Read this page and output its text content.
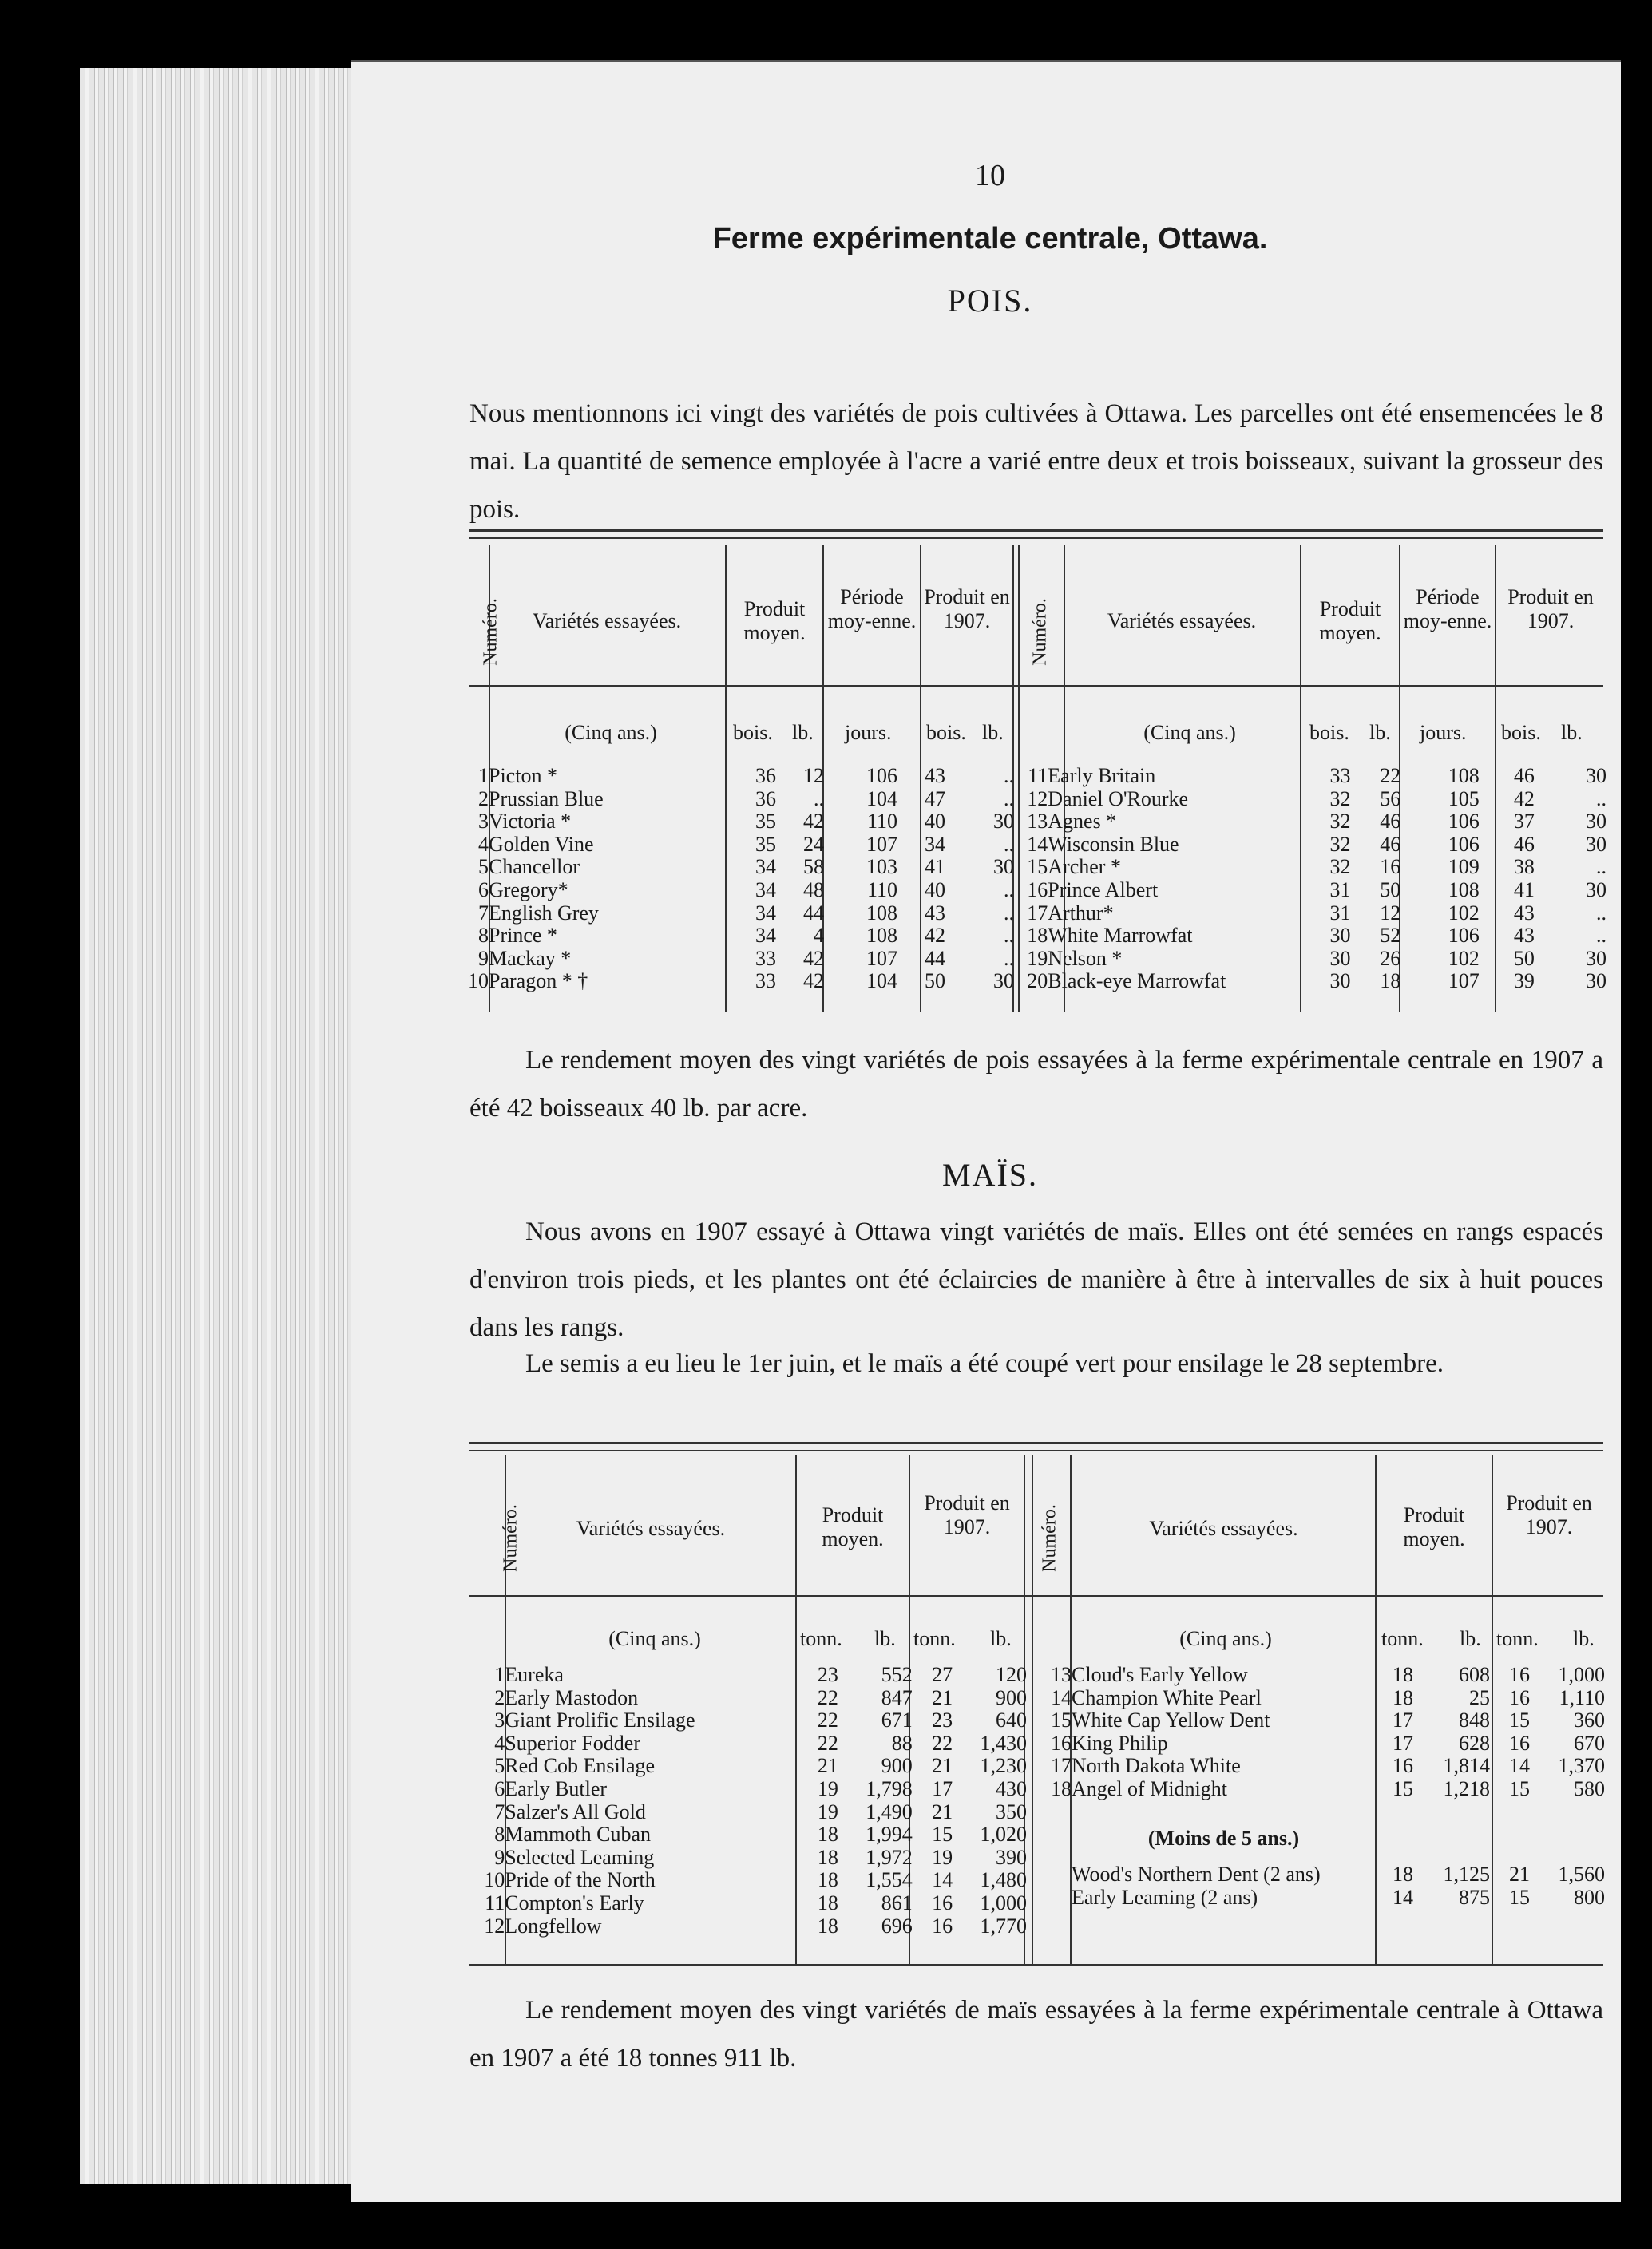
10
Ferme expérimentale centrale, Ottawa.
POIS.
Nous mentionnons ici vingt des variétés de pois cultivées à Ottawa. Les parcelles ont été ensemencées le 8 mai. La quantité de semence employée à l'acre a varié entre deux et trois boisseaux, suivant la grosseur des pois.
Numéro.	Variétés essayées.
Produit moyen.
Période moy-enne.
Produit en 1907.	Numéro.	Variétés essayées.
Produit moyen.
Période moy-enne.
Produit en 1907.
(Cinq ans.)	bois. lb. jours. bois. lb.	(Cinq ans.)	bois. lb. jours. bois. lb.
1	Picton *	36	12	106	43	..
2	Prussian Blue	36	..	104	47	..
3	Victoria *	35	42	110	40	30
4	Golden Vine	35	24	107	34	..
5	Chancellor	34	58	103	41	30
6	Gregory*	34	48	110	40	..
7	English Grey	34	44	108	43	..
8	Prince *	34	4	108	42	..
9	Mackay *	33	42	107	44	..
10	Paragon * †	33	42	104	50	30
11	Early Britain	33	22	108	46	30
12	Daniel O'Rourke	32	56	105	42	..
13	Agnes *	32	46	106	37	30
14	Wisconsin Blue	32	46	106	46	30
15	Archer *	32	16	109	38	..
16	Prince Albert	31	50	108	41	30
17	Arthur*	31	12	102	43	..
18	White Marrowfat	30	52	106	43	..
19	Nelson *	30	26	102	50	30
20	Black-eye Marrowfat	30	18	107	39	30
Le rendement moyen des vingt variétés de pois essayées à la ferme expérimentale centrale en 1907 a été 42 boisseaux 40 lb. par acre.
MAÏS.
Nous avons en 1907 essayé à Ottawa vingt variétés de maïs. Elles ont été semées en rangs espacés d'environ trois pieds, et les plantes ont été éclaircies de manière à être à intervalles de six à huit pouces dans les rangs.
Le semis a eu lieu le 1er juin, et le maïs a été coupé vert pour ensilage le 28 septembre.
Numéro.	Variétés essayées.
Produit moyen.
Produit en 1907.	Numéro.	Variétés essayées.
Produit moyen.
Produit en 1907.
(Cinq ans.)	tonn. lb. tonn. lb.	(Cinq ans.)	tonn. lb. tonn. lb.
1	Eureka	23	552	27	120
2	Early Mastodon	22	847	21	900
3	Giant Prolific Ensilage	22	671	23	640
4	Superior Fodder	22	88	22	1,430
5	Red Cob Ensilage	21	900	21	1,230
6	Early Butler	19	1,798	17	430
7	Salzer's All Gold	19	1,490	21	350
8	Mammoth Cuban	18	1,994	15	1,020
9	Selected Leaming	18	1,972	19	390
10	Pride of the North	18	1,554	14	1,480
11	Compton's Early	18	861	16	1,000
12	Longfellow	18	696	16	1,770
13	Cloud's Early Yellow	18	608	16	1,000
14	Champion White Pearl	18	25	16	1,110
15	White Cap Yellow Dent	17	848	15	360
16	King Philip	17	628	16	670
17	North Dakota White	16	1,814	14	1,370
18	Angel of Midnight	15	1,218	15	580
(Moins de 5 ans.)
	Wood's Northern Dent (2 ans)	18	1,125	21	1,560
	Early Leaming (2 ans)	14	875	15	800
Le rendement moyen des vingt variétés de maïs essayées à la ferme expérimentale centrale à Ottawa en 1907 a été 18 tonnes 911 lb.
